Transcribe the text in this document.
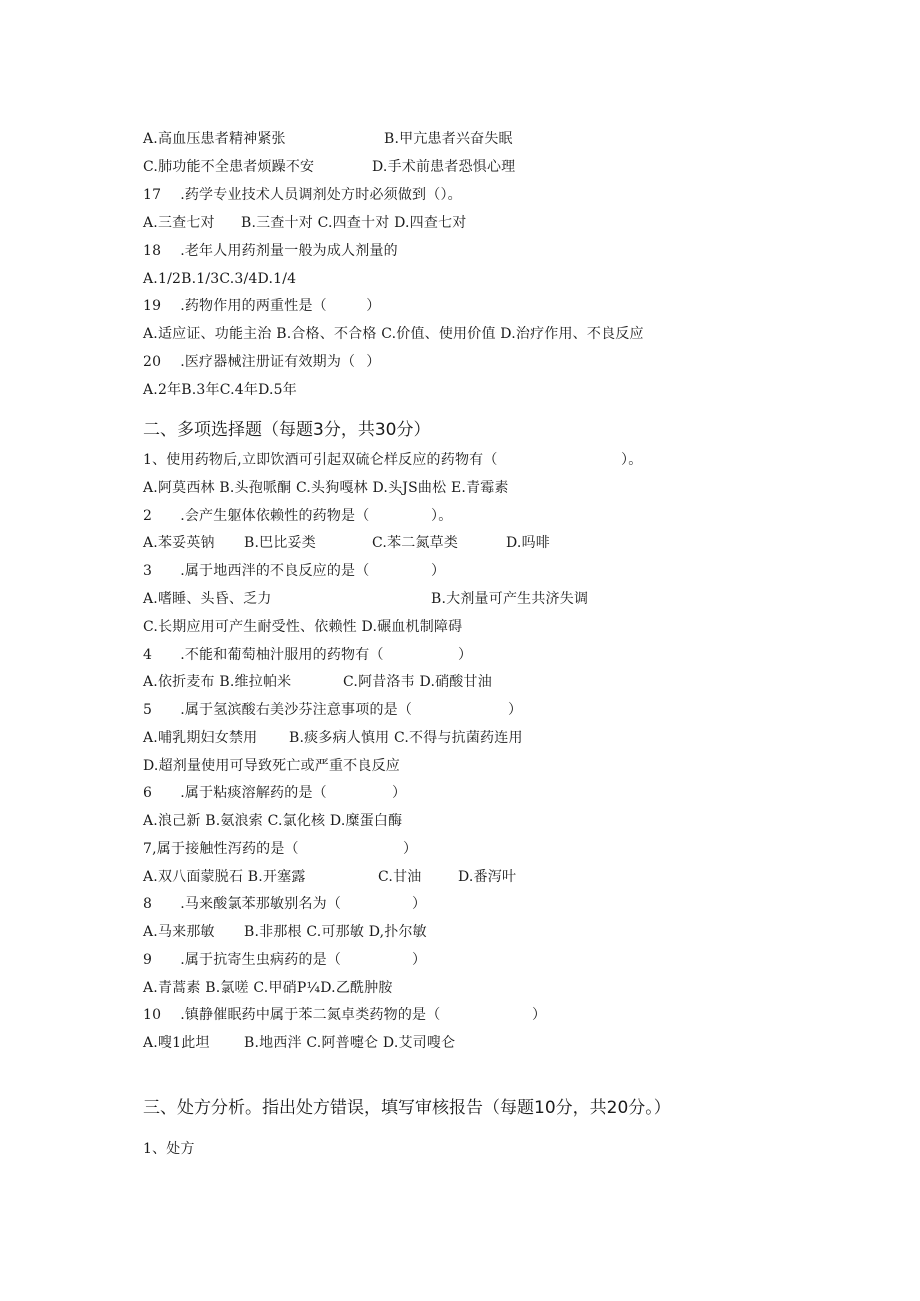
A.高血压患者精神紧张

	B.甲亢患者兴奋失眠

C.肺功能不全患者烦躁不安

	D.手术前患者恐惧心理

17	.药学专业技术人员调剂处方时必须做到（）。

A.三查七对

B.三查十对 C.四查十对 D.四查七对

18	.老年人用药剂量一般为成人剂量的
A.1/2B.1/3C.3/4D.1/4
19	.药物作用的两重性是（	）
A.适应证、功能主治 B.合格、不合格 C.价值、使用价值 D.治疗作用、不良反应
20	.医疗器械注册证有效期为（	）
A.2年B.3年C.4年D.5年
二、多项选择题（每题3分，共30分）

1、使用药物后,立即饮酒可引起双硫仑样反应的药物有（

	）。

A.阿莫西林 B.头孢哌酮 C.头狗嘎林 D.头JS曲松 E.青霉素

2	.会产生躯体依赖性的药物是（

	）。

A.苯妥英钠

B.巴比妥类

	C.苯二氮草类

	D.吗啡

3	.属于地西泮的不良反应的是（

	）

A.嗜睡、头昏、乏力

	B.大剂量可产生共济失调

C.长期应用可产生耐受性、依赖性 D.碾血机制障碍

4	.不能和葡萄柚汁服用的药物有（

	）

A.依折麦布 B.维拉帕米

	C.阿昔洛韦 D.硝酸甘油

5	.属于氢滨酸右美沙芬注意事项的是（

	）

A.哺乳期妇女禁用

B.痰多病人慎用 C.不得与抗菌药连用

D.超剂量使用可导致死亡或严重不良反应

6	.属于粘痰溶解药的是（

	）

A.浪己新 B.氨浪索 C.氯化核 D.糜蛋白酶

7,属于接触性泻药的是（

	）

A.双八面蒙脱石 B.开塞露

	C.甘油

	D.番泻叶

8	.马来酸氯苯那敏别名为（

	）

A.马来那敏

B.非那根 C.可那敏 D,扑尔敏

9	.属于抗寄生虫病药的是（

	）

A.青蒿素 B.氯嗟 C.甲硝P¼D.乙酰肿胺

10	.镇静催眠药中属于苯二氮卓类药物的是（

	）

A.嗖1此坦

B.地西泮 C.阿普嚏仑 D.艾司嗖仑

三、处方分析。指出处方错误，填写审核报告（每题10分，共20分。）
1、处方
